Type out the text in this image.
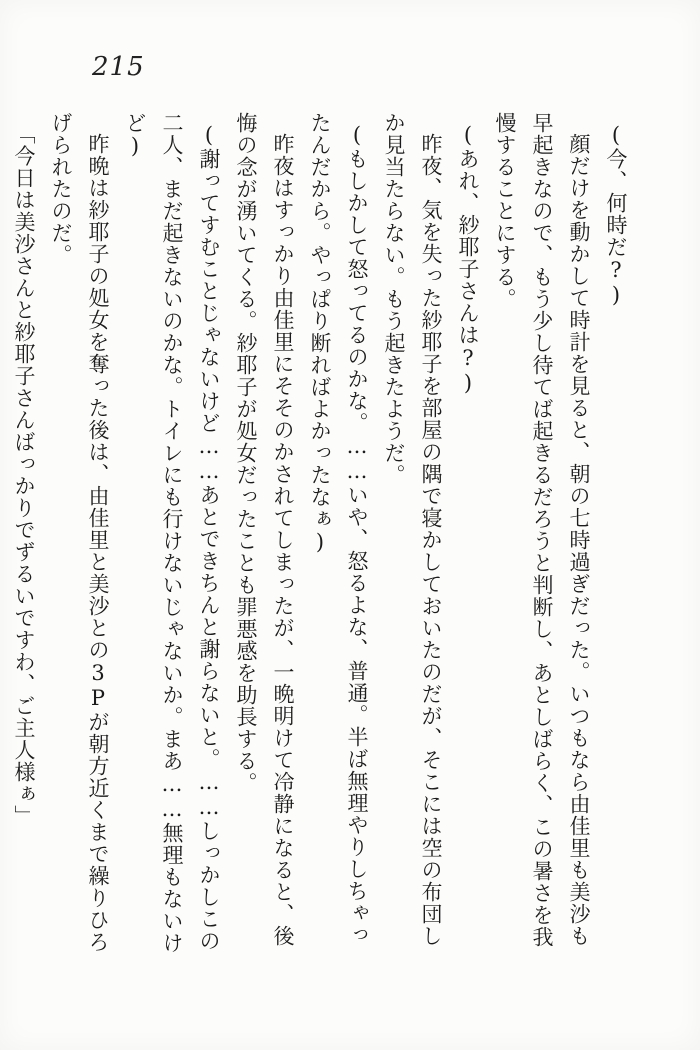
215

(今、何時だ?)

顔だけを動かして時計を見ると、朝の七時過ぎだった。いつもなら由佳里も美沙も早起きなので、もう少し待てば起きるだろうと判断し、あとしばらく、この暑さを我慢することにする。

(あれ、紗耶子さんは?)

昨夜、気を失った紗耶子を部屋の隅で寝かしておいたのだが、そこには空の布団しか見当たらない。もう起きたようだ。

(もしかして怒ってるのかな。……いや、怒るよな、普通。半ば無理やりしちゃったんだから。やっぱり断ればよかったなぁ)

昨夜はすっかり由佳里にそそのかされてしまったが、一晩明けて冷静になると、後悔の念が湧いてくる。紗耶子が処女だったことも罪悪感を助長する。

(謝ってすむことじゃないけど……あとできちんと謝らないと。……しっかしこの二人、まだ起きないのかな。トイレにも行けないじゃないか。まあ……無理もないけど)

昨晩は紗耶子の処女を奪った後は、由佳里と美沙との3Pが朝方近くまで繰りひろげられたのだ。

「今日は美沙さんと紗耶子さんばっかりでずるいですわ、ご主人様ぁ」
